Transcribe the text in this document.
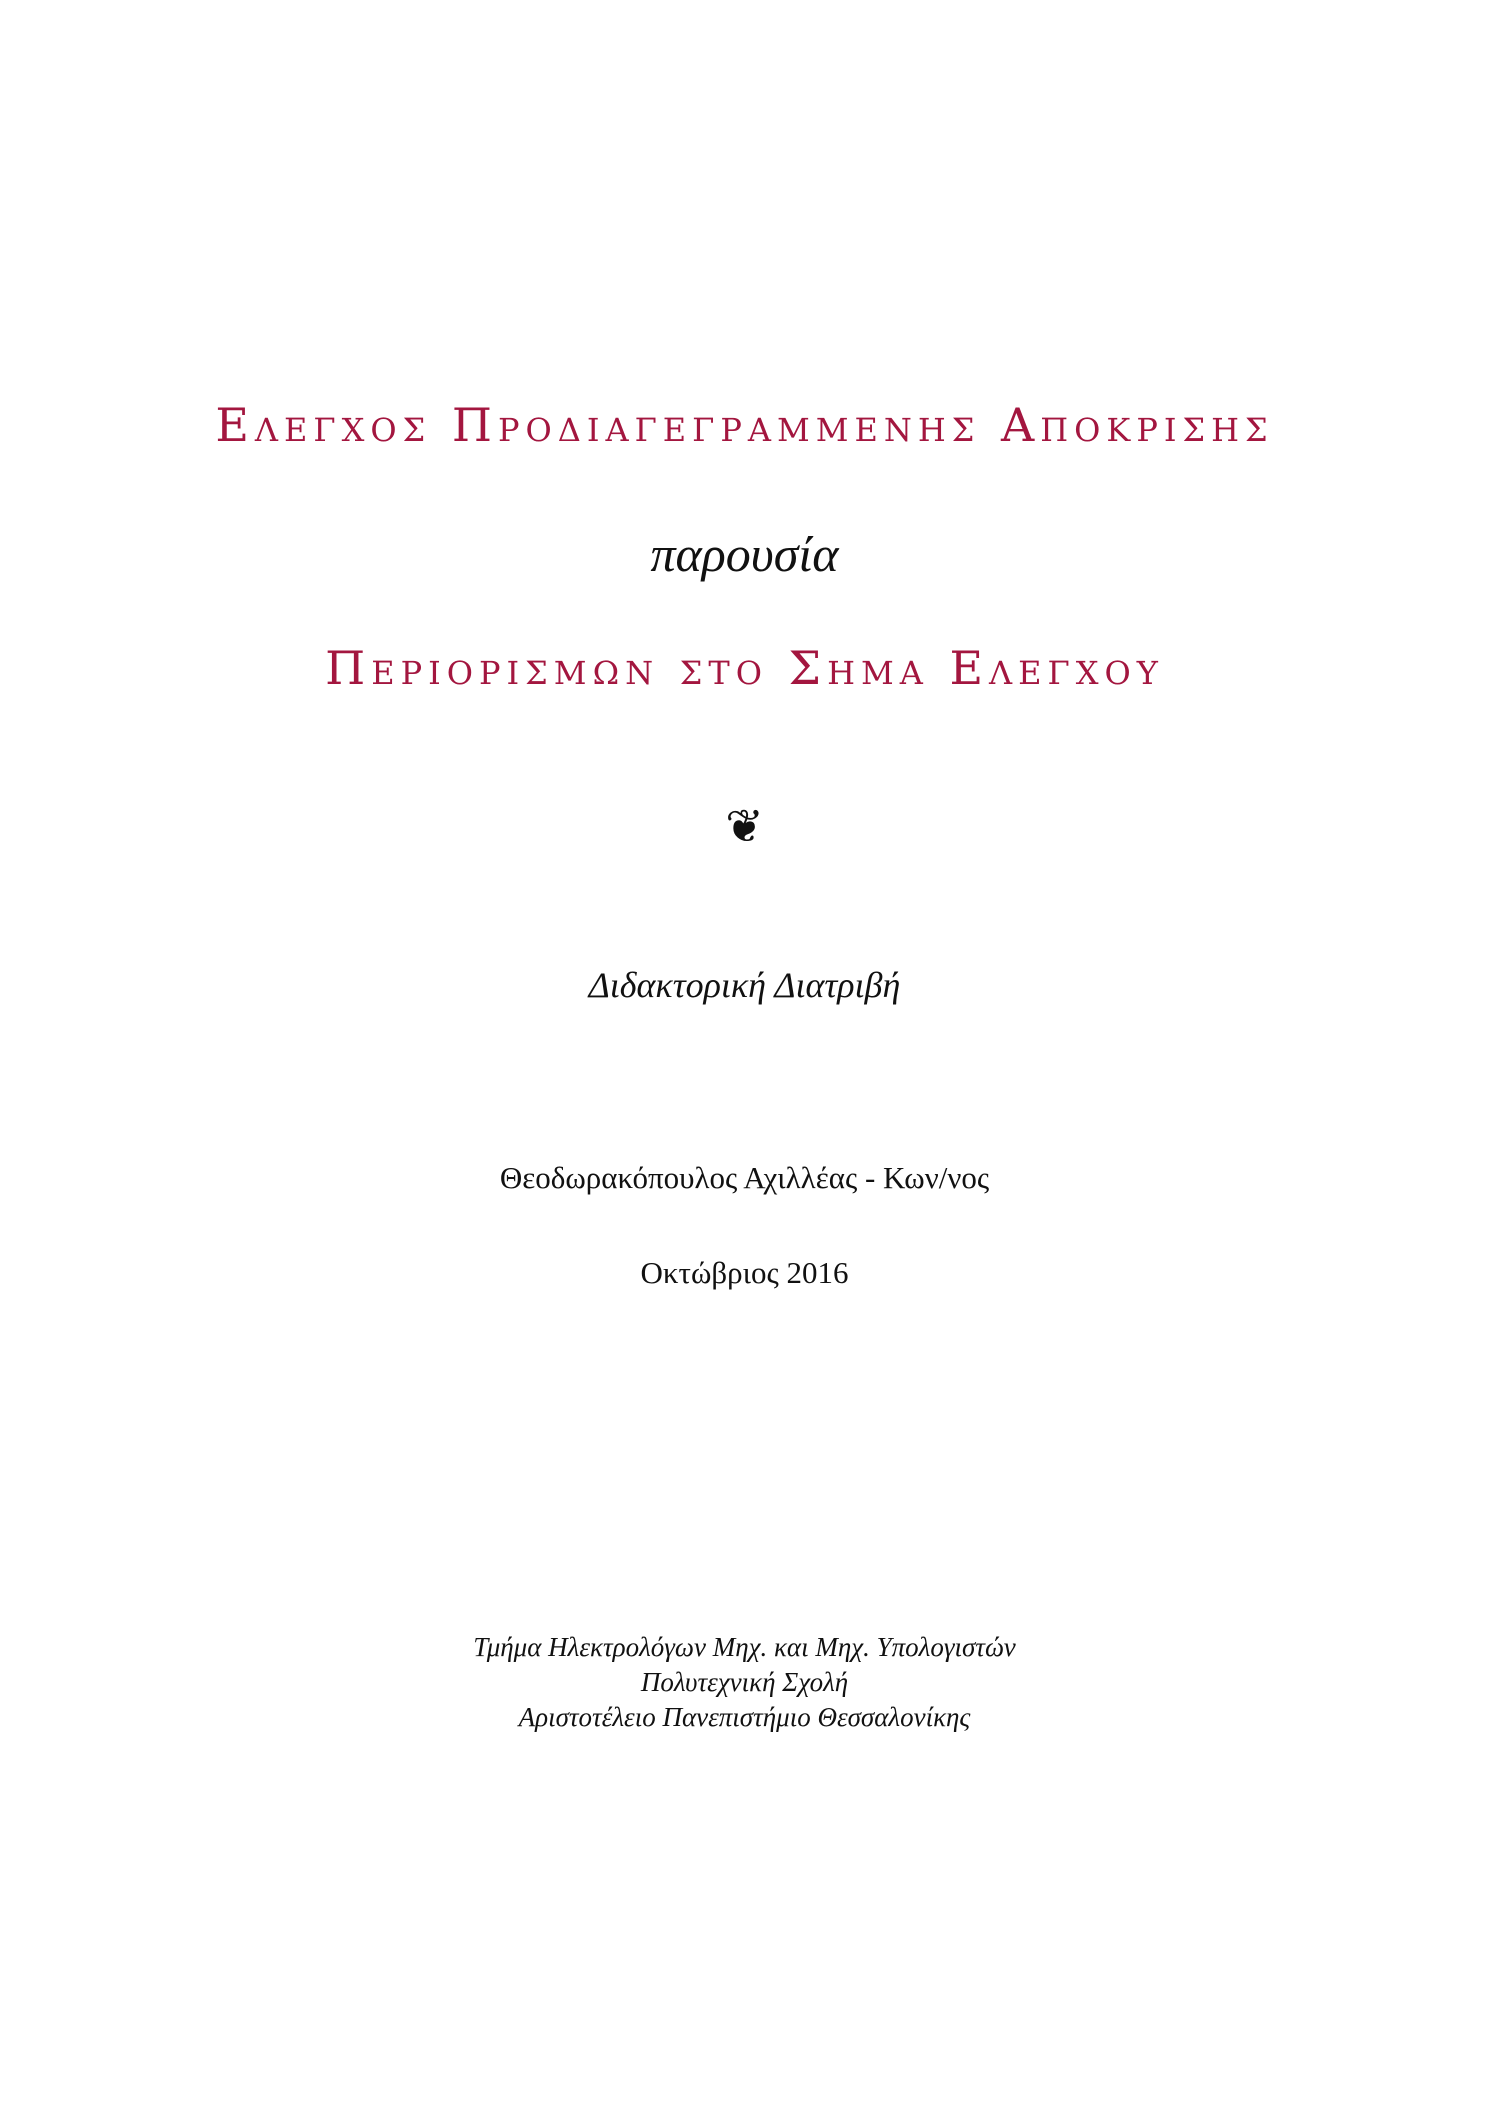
Ελεγχος Προδιαγεγραμμενης Αποκρισης
παρουσία
Περιορισμων στο Σημα Ελεγχου
❦
Διδακτορική Διατριβή
Θεοδωρακόπουλος Αχιλλέας - Κων/νος
Οκτώβριος 2016
Τμήμα Ηλεκτρολόγων Μηχ. και Μηχ. Υπολογιστών
Πολυτεχνική Σχολή
Αριστοτέλειο Πανεπιστήμιο Θεσσαλονίκης
